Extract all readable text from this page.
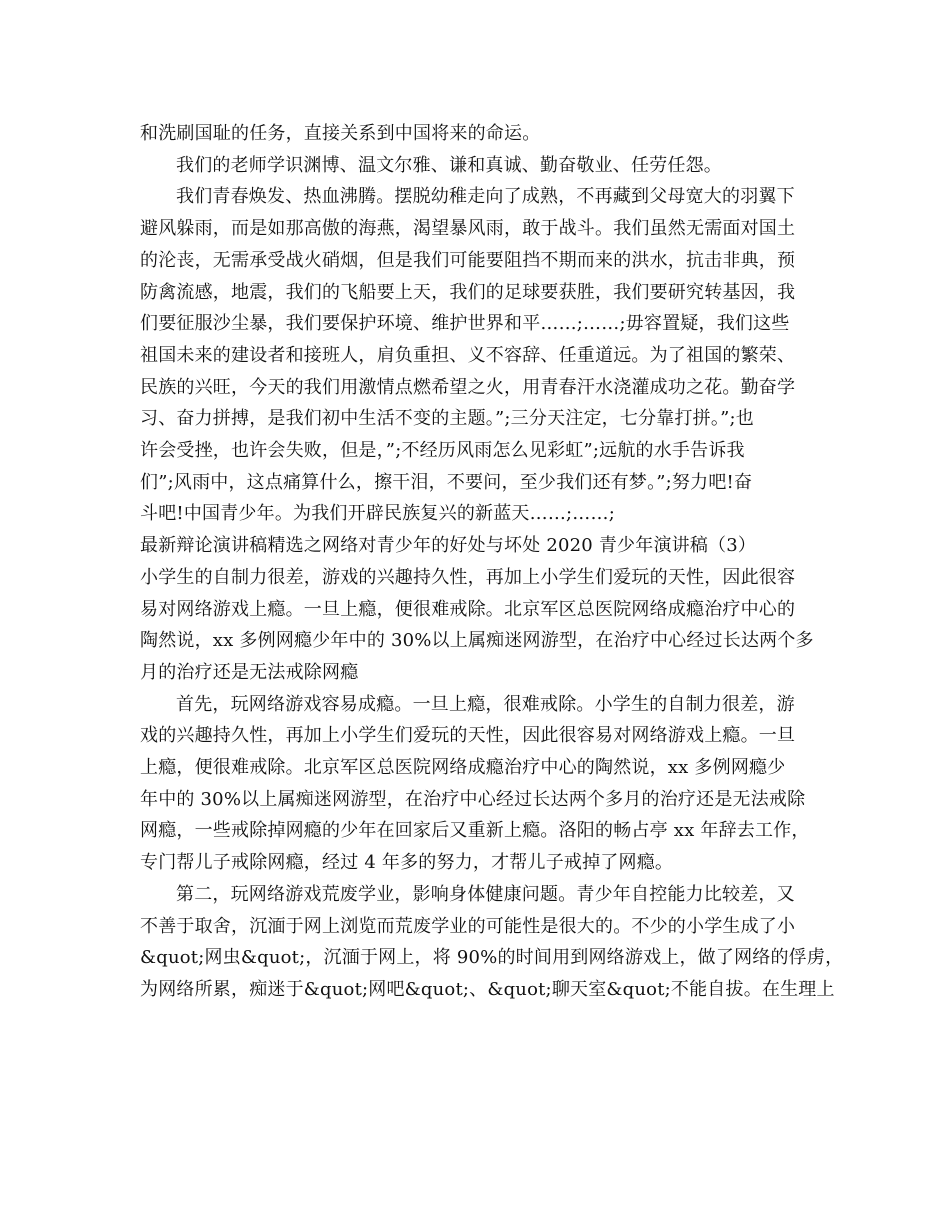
和洗刷国耻的任务，直接关系到中国将来的命运。

我们的老师学识渊博、温文尔雅、谦和真诚、勤奋敬业、任劳任怨。

我们青春焕发、热血沸腾。摆脱幼稚走向了成熟，不再藏到父母宽大的羽翼下

避风躲雨，而是如那高傲的海燕，渴望暴风雨，敢于战斗。我们虽然无需面对国土

的沦丧，无需承受战火硝烟，但是我们可能要阻挡不期而来的洪水，抗击非典，预

防禽流感，地震，我们的飞船要上天，我们的足球要获胜，我们要研究转基因，我

们要征服沙尘暴，我们要保护环境、维护世界和平……;……;毋容置疑，我们这些

祖国未来的建设者和接班人，肩负重担、义不容辞、任重道远。为了祖国的繁荣、

民族的兴旺，今天的我们用激情点燃希望之火，用青春汗水浇灌成功之花。勤奋学

习、奋力拼搏，是我们初中生活不变的主题。”;三分天注定，七分靠打拼。”;也

许会受挫，也许会失败，但是，”;不经历风雨怎么见彩虹”;远航的水手告诉我

们”;风雨中，这点痛算什么，擦干泪，不要问，至少我们还有梦。”;努力吧!奋

斗吧!中国青少年。为我们开辟民族复兴的新蓝天……;……;

最新辩论演讲稿精选之网络对青少年的好处与坏处 2020 青少年演讲稿（3）

小学生的自制力很差，游戏的兴趣持久性，再加上小学生们爱玩的天性，因此很容

易对网络游戏上瘾。一旦上瘾，便很难戒除。北京军区总医院网络成瘾治疗中心的

陶然说，xx 多例网瘾少年中的 30%以上属痴迷网游型，在治疗中心经过长达两个多

月的治疗还是无法戒除网瘾

首先，玩网络游戏容易成瘾。一旦上瘾，很难戒除。小学生的自制力很差，游

戏的兴趣持久性，再加上小学生们爱玩的天性，因此很容易对网络游戏上瘾。一旦

上瘾，便很难戒除。北京军区总医院网络成瘾治疗中心的陶然说，xx 多例网瘾少

年中的 30%以上属痴迷网游型，在治疗中心经过长达两个多月的治疗还是无法戒除

网瘾，一些戒除掉网瘾的少年在回家后又重新上瘾。洛阳的畅占亭 xx 年辞去工作，

专门帮儿子戒除网瘾，经过 4 年多的努力，才帮儿子戒掉了网瘾。

第二，玩网络游戏荒废学业，影响身体健康问题。青少年自控能力比较差，又

不善于取舍，沉湎于网上浏览而荒废学业的可能性是很大的。不少的小学生成了小

&quot;网虫&quot;，沉湎于网上，将 90%的时间用到网络游戏上，做了网络的俘虏，

为网络所累，痴迷于&quot;网吧&quot;、&quot;聊天室&quot;不能自拔。在生理上
